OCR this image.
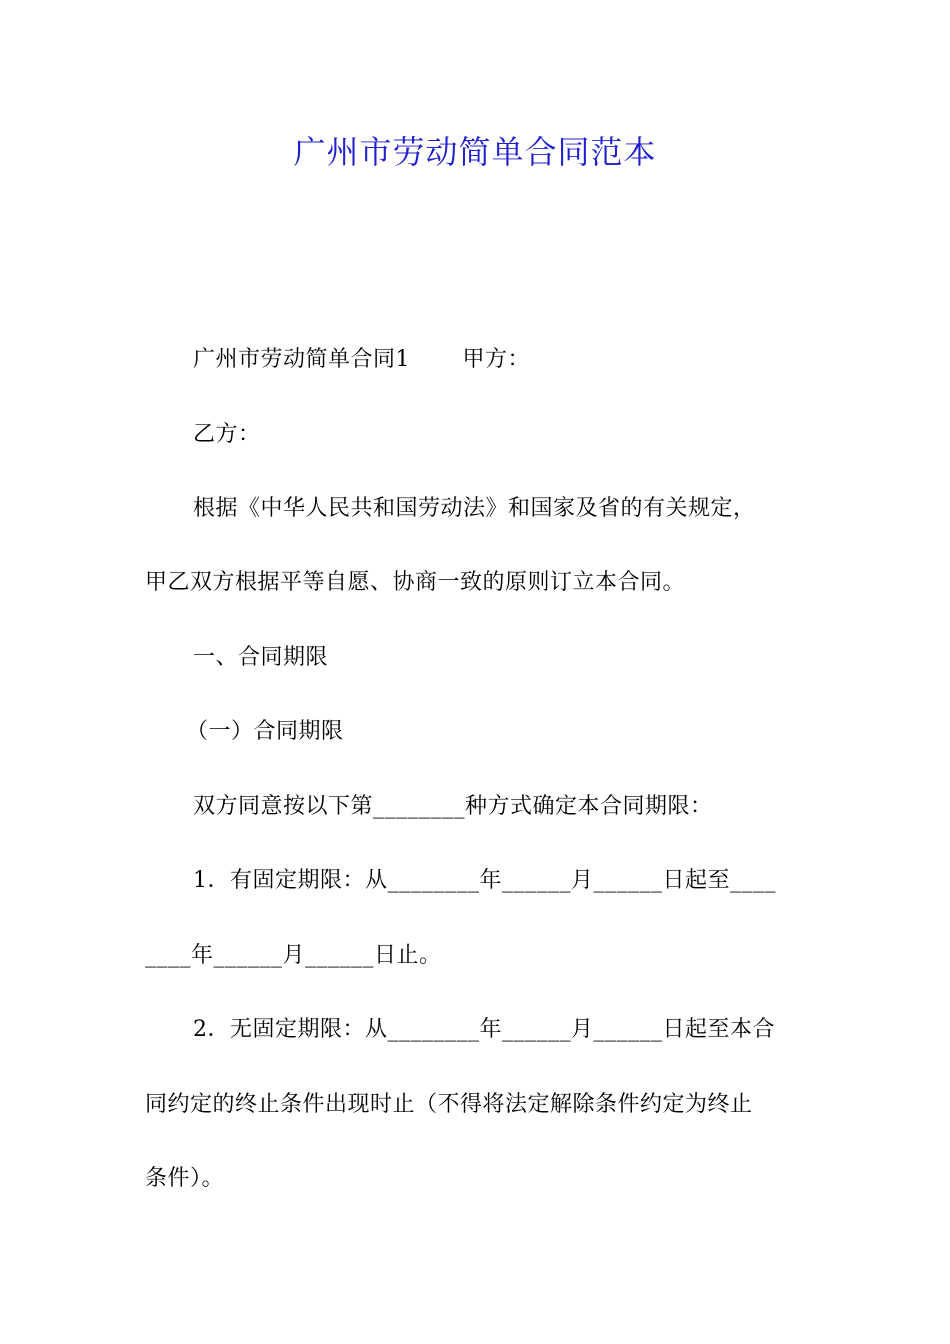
广州市劳动简单合同范本
广州市劳动简单合同1       甲方：
乙方：
根据《中华人民共和国劳动法》和国家及省的有关规定，
甲乙双方根据平等自愿、协商一致的原则订立本合同。
一、合同期限
（一）合同期限
双方同意按以下第________种方式确定本合同期限：
1．有固定期限：从________年______月______日起至____
____年______月______日止。
2．无固定期限：从________年______月______日起至本合
同约定的终止条件出现时止（不得将法定解除条件约定为终止
条件）。
